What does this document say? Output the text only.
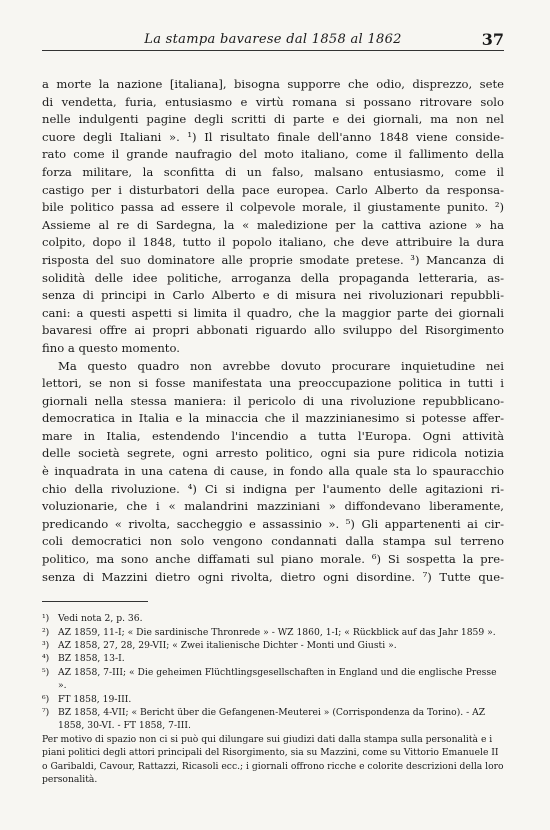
La stampa bavarese dal 1858 al 1862	37

a morte la nazione [italiana], bisogna supporre che odio, disprezzo, sete

di vendetta, furia, entusiasmo e virtù romana si possano ritrovare solo

nelle indulgenti pagine degli scritti di parte e dei giornali, ma non nel

cuore degli Italiani ». ¹) Il risultato finale dell'anno 1848 viene conside-

rato come il grande naufragio del moto italiano, come il fallimento della

forza militare, la sconfitta di un falso, malsano entusiasmo, come il

castigo per i disturbatori della pace europea. Carlo Alberto da responsa-

bile politico passa ad essere il colpevole morale, il giustamente punito. ²)

Assieme al re di Sardegna, la « maledizione per la cattiva azione » ha

colpito, dopo il 1848, tutto il popolo italiano, che deve attribuire la dura

risposta del suo dominatore alle proprie smodate pretese. ³) Mancanza di

solidità delle idee politiche, arroganza della propaganda letteraria, as-

senza di principi in Carlo Alberto e di misura nei rivoluzionari repubbli-

cani: a questi aspetti si limita il quadro, che la maggior parte dei giornali

bavaresi offre ai propri abbonati riguardo allo sviluppo del Risorgimento

fino a questo momento.

Ma questo quadro non avrebbe dovuto procurare inquietudine nei

lettori, se non si fosse manifestata una preoccupazione politica in tutti i

giornali nella stessa maniera: il pericolo di una rivoluzione repubblicano-

democratica in Italia e la minaccia che il mazzinianesimo si potesse affer-

mare in Italia, estendendo l'incendio a tutta l'Europa. Ogni attività

delle società segrete, ogni arresto politico, ogni sia pure ridicola notizia

è inquadrata in una catena di cause, in fondo alla quale sta lo spauracchio

chio della rivoluzione. ⁴) Ci si indigna per l'aumento delle agitazioni ri-

voluzionarie, che i « malandrini mazziniani » diffondevano liberamente,

predicando « rivolta, saccheggio e assassinio ». ⁵) Gli appartenenti ai cir-

coli democratici non solo vengono condannati dalla stampa sul terreno

politico, ma sono anche diffamati sul piano morale. ⁶) Si sospetta la pre-

senza di Mazzini dietro ogni rivolta, dietro ogni disordine. ⁷) Tutte que-

¹) Vedi nota 2, p. 36.
²) AZ 1859, 11-I; « Die sardinische Thronrede » - WZ 1860, 1-I; « Rückblick auf das Jahr 1859 ».
³) AZ 1858, 27, 28, 29-VII; « Zwei italienische Dichter - Monti und Giusti ».
⁴) BZ 1858, 13-I.
⁵) AZ 1858, 7-III; « Die geheimen Flüchtlingsgesellschaften in England und die englische Presse ».
⁶) FT 1858, 19-III.
⁷) BZ 1858, 4-VII; « Bericht über die Gefangenen-Meuterei » (Corrispondenza da Torino). - AZ 1858, 30-VI. - FT 1858, 7-III.
Per motivo di spazio non ci si può qui dilungare sui giudizi dati dalla stampa sulla personalità e i piani politici degli attori principali del Risorgimento, sia su Mazzini, come su Vittorio Emanuele II o Garibaldi, Cavour, Rattazzi, Ricasoli ecc.; i giornali offrono ricche e colorite descrizioni della loro personalità.
